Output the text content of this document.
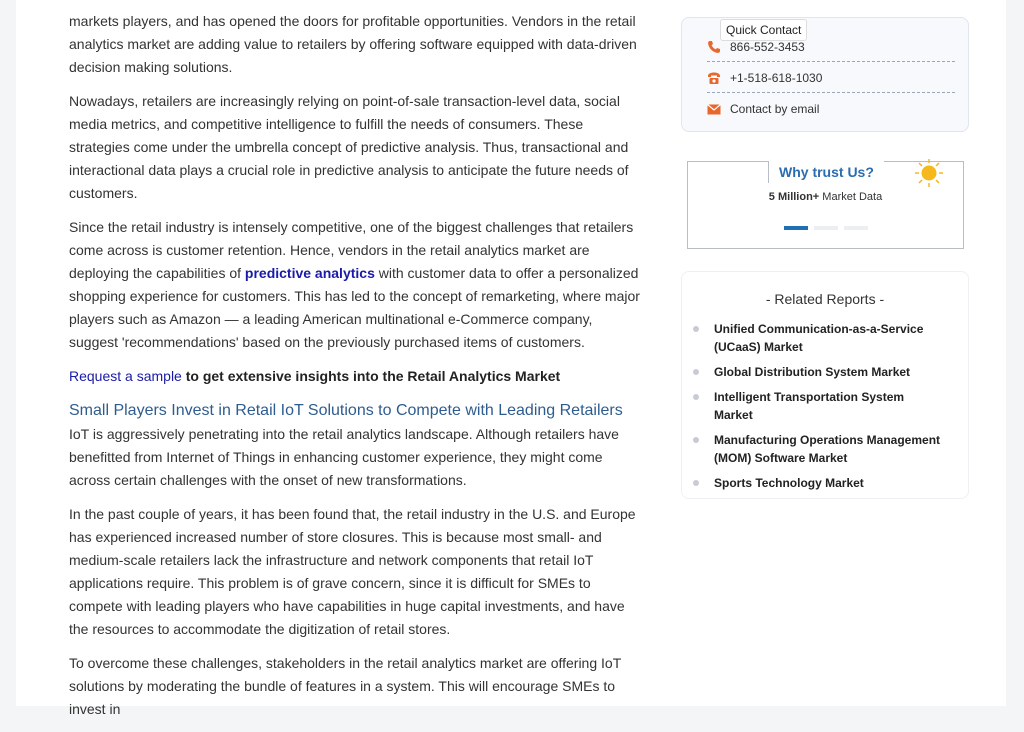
markets players, and has opened the doors for profitable opportunities. Vendors in the retail analytics market are adding value to retailers by offering software equipped with data-driven decision making solutions.

Nowadays, retailers are increasingly relying on point-of-sale transaction-level data, social media metrics, and competitive intelligence to fulfill the needs of consumers. These strategies come under the umbrella concept of predictive analysis. Thus, transactional and interactional data plays a crucial role in predictive analysis to anticipate the future needs of customers.

Since the retail industry is intensely competitive, one of the biggest challenges that retailers come across is customer retention. Hence, vendors in the retail analytics market are deploying the capabilities of predictive analytics with customer data to offer a personalized shopping experience for customers. This has led to the concept of remarketing, where major players such as Amazon — a leading American multinational e-Commerce company, suggest 'recommendations' based on the previously purchased items of customers.

Request a sample to get extensive insights into the Retail Analytics Market

Small Players Invest in Retail IoT Solutions to Compete with Leading Retailers

IoT is aggressively penetrating into the retail analytics landscape. Although retailers have benefitted from Internet of Things in enhancing customer experience, they might come across certain challenges with the onset of new transformations.

In the past couple of years, it has been found that, the retail industry in the U.S. and Europe has experienced increased number of store closures. This is because most small- and medium-scale retailers lack the infrastructure and network components that retail IoT applications require. This problem is of grave concern, since it is difficult for SMEs to compete with leading players who have capabilities in huge capital investments, and have the resources to accommodate the digitization of retail stores.

To overcome these challenges, stakeholders in the retail analytics market are offering IoT solutions by moderating the bundle of features in a system. This will encourage SMEs to invest in

Quick Contact
866-552-3453
+1-518-618-1030
Contact by email
Why trust Us?
5 Million+ Market Data
- Related Reports -
Unified Communication-as-a-Service (UCaaS) Market
Global Distribution System Market
Intelligent Transportation System Market
Manufacturing Operations Management (MOM) Software Market
Sports Technology Market
